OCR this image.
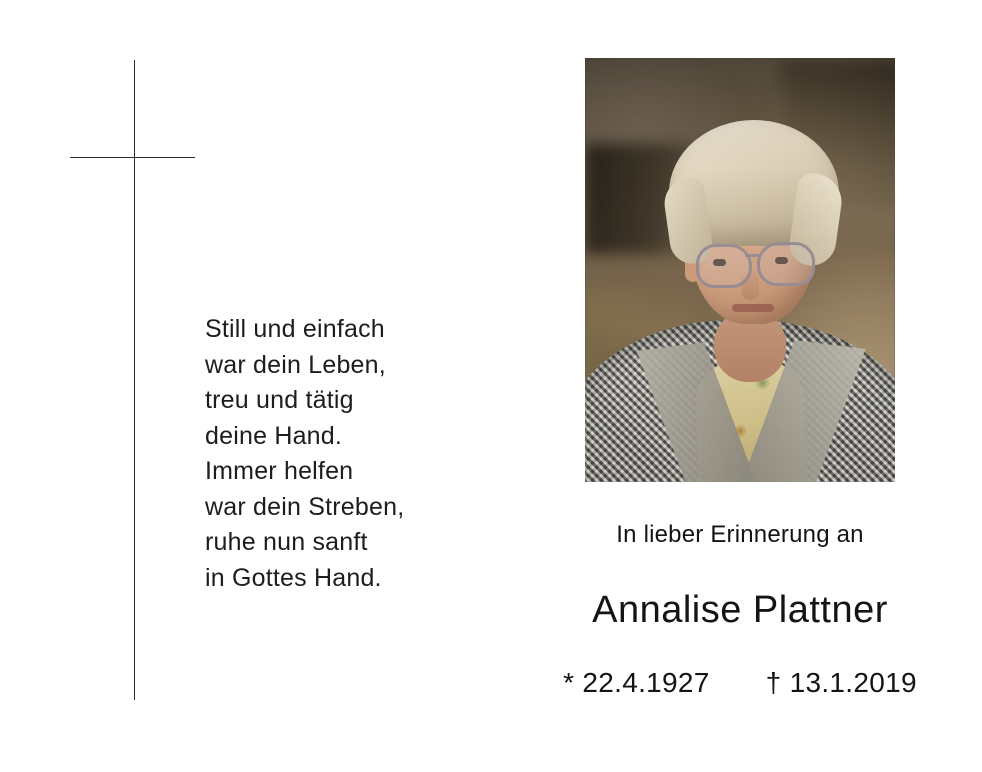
Still und einfach
war dein Leben,
treu und tätig
deine Hand.
Immer helfen
war dein Streben,
ruhe nun sanft
in Gottes Hand.
In lieber Erinnerung an
Annalise Plattner
* 22.4.1927 † 13.1.2019
